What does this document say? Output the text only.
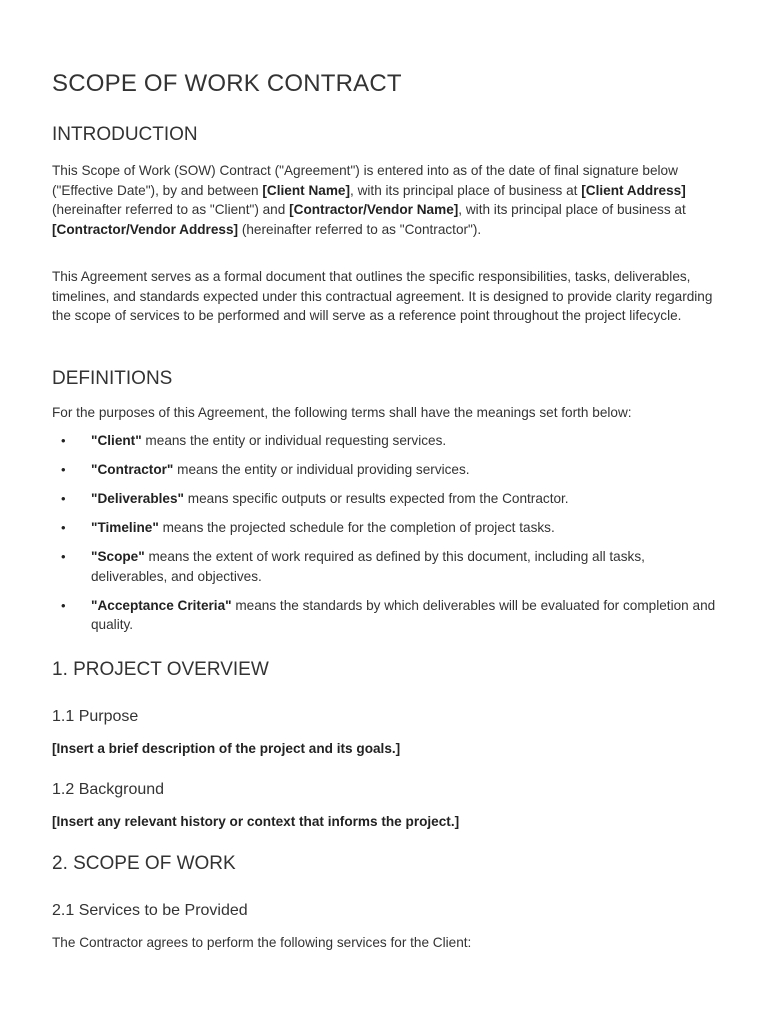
SCOPE OF WORK CONTRACT
INTRODUCTION

This Scope of Work (SOW) Contract ("Agreement") is entered into as of the date of final signature below ("Effective Date"), by and between [Client Name], with its principal place of business at [Client Address] (hereinafter referred to as "Client") and [Contractor/Vendor Name], with its principal place of business at [Contractor/Vendor Address] (hereinafter referred to as "Contractor").

This Agreement serves as a formal document that outlines the specific responsibilities, tasks, deliverables, timelines, and standards expected under this contractual agreement. It is designed to provide clarity regarding the scope of services to be performed and will serve as a reference point throughout the project lifecycle.

DEFINITIONS

For the purposes of this Agreement, the following terms shall have the meanings set forth below:

• "Client" means the entity or individual requesting services.
• "Contractor" means the entity or individual providing services.
• "Deliverables" means specific outputs or results expected from the Contractor.
• "Timeline" means the projected schedule for the completion of project tasks.
• "Scope" means the extent of work required as defined by this document, including all tasks, deliverables, and objectives.
• "Acceptance Criteria" means the standards by which deliverables will be evaluated for completion and quality.
1. PROJECT OVERVIEW
1.1 Purpose

[Insert a brief description of the project and its goals.]

1.2 Background

[Insert any relevant history or context that informs the project.]

2. SCOPE OF WORK
2.1 Services to be Provided

The Contractor agrees to perform the following services for the Client:
